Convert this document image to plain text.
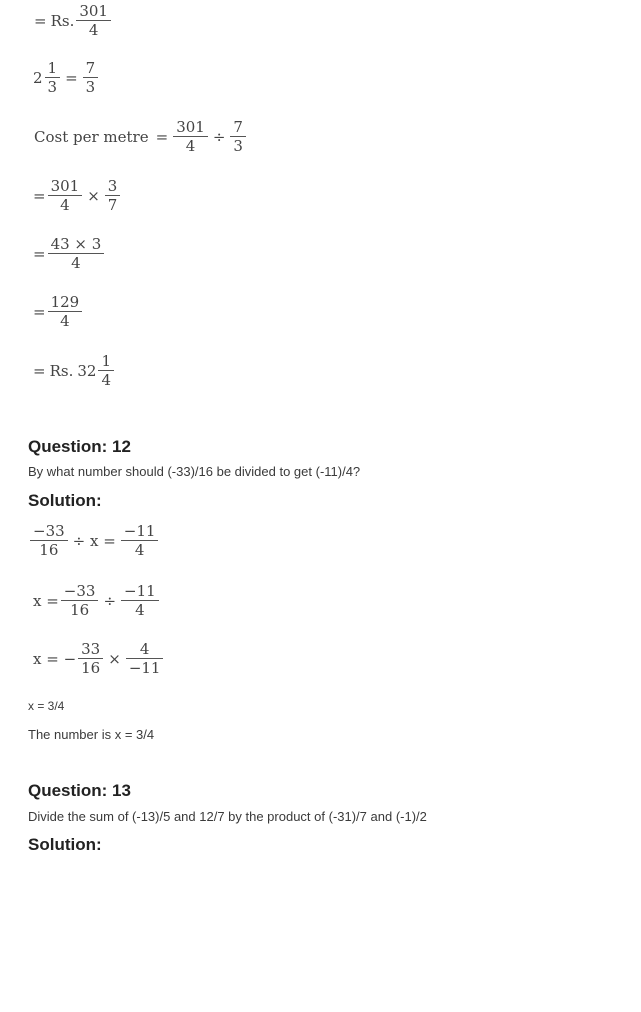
= Rs. $\frac{301}{4}$
$2 \frac{1}{3} = \frac{7}{3}$
Cost per metre = $\frac{301}{4} \div \frac{7}{3}$
= $\frac{301}{4} \times \frac{3}{7}$
= $\frac{43 \times 3}{4}$
= $\frac{129}{4}$
= Rs. $32 \frac{1}{4}$
Question: 12
By what number should (-33)/16 be divided to get (-11)/4?
Solution:
$\frac{-33}{16} \div x = \frac{-11}{4}$
$x = \frac{-33}{16} \div \frac{-11}{4}$
x = − $\frac{33}{16} \times \frac{4}{-11}$
x = 3/4
The number is x = 3/4
Question: 13
Divide the sum of (-13)/5 and 12/7 by the product of (-31)/7 and (-1)/2
Solution:
